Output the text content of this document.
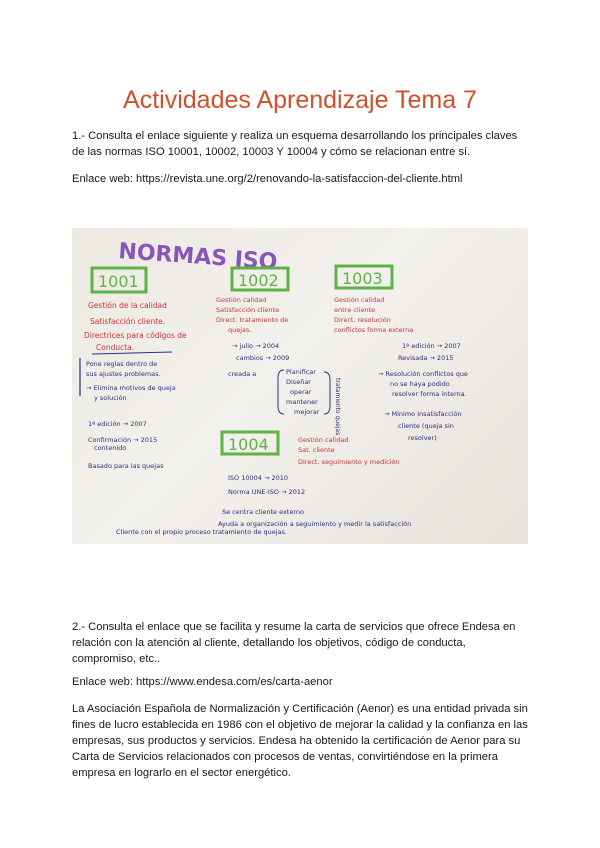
Actividades Aprendizaje Tema 7
1.- Consulta el enlace siguiente y realiza un esquema desarrollando los principales claves
de las normas ISO 10001, 10002, 10003 Y 10004 y cómo se relacionan entre sí.
Enlace web: https://revista.une.org/2/renovando-la-satisfaccion-del-cliente.html
NORMAS ISO
1001	1002	1003
1004
Gestión de la calidad
Satisfacción cliente.
Directrices para códigos de
Conducta.
Pone reglas dentro de
sus ajustes problemas.
→ Elimina motivos de queja
y solución
1ª edición → 2007
Confirmación → 2015
contenido
Basado para las quejas
Gestión calidad
Satisfacción cliente
Direct. tratamiento de
quejas.
→ julio → 2004
cambios → 2009
creada a	Planificar
Diseñar
operar
mantener
mejorar tratamiento quejas
Gestión calidad
entre cliente
Direct. resolución
conflictos forma externa
1ª edición → 2007
Revisada → 2015
→ Resolución conflictos que
no se haya podido
resolver forma interna.
→ Mínimo insatisfacción
cliente (queja sin
resolver)
Gestión calidad
Sat. cliente
Direct. seguimiento y medición
ISO 10004 → 2010
Norma UNE-ISO → 2012
Se centra cliente externo
Ayuda a organización a seguimiento y medir la satisfacción
Cliente con el propio proceso tratamiento de quejas.
2.- Consulta el enlace que se facilita y resume la carta de servicios que ofrece Endesa en
relación con la atención al cliente, detallando los objetivos, código de conducta,
compromiso, etc..
Enlace web: https://www.endesa.com/es/carta-aenor
La Asociación Española de Normalización y Certificación (Aenor) es una entidad privada sin
fines de lucro establecida en 1986 con el objetivo de mejorar la calidad y la confianza en las
empresas, sus productos y servicios. Endesa ha obtenido la certificación de Aenor para su
Carta de Servicios relacionados con procesos de ventas, convirtiéndose en la primera
empresa en lograrlo en el sector energético.
